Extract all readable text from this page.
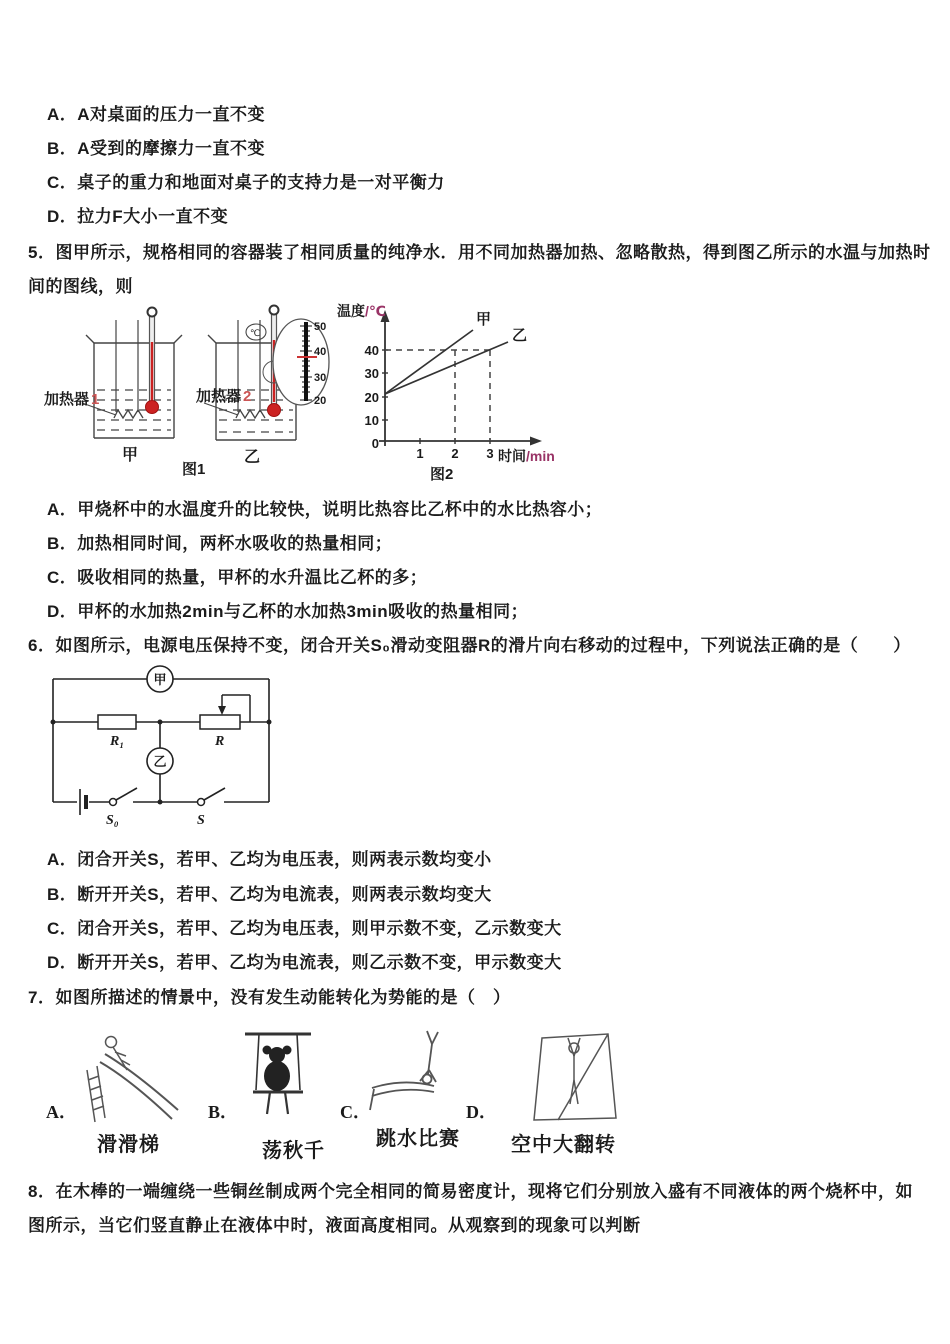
A．A对桌面的压力一直不变
B．A受到的摩擦力一直不变
C．桌子的重力和地面对桌子的支持力是一对平衡力
D．拉力F大小一直不变
5．图甲所示，规格相同的容器装了相同质量的纯净水．用不同加热器加热、忽略散热，得到图乙所示的水温与加热时
间的图线，则
加热器 1
甲
℃
乙
加热器 2
50
40
30
20
图1
40
30
20
10
0
1 2 3
甲
乙
温度/℃
时间/min
图2
A．甲烧杯中的水温度升的比较快，说明比热容比乙杯中的水比热容小；
B．加热相同时间，两杯水吸收的热量相同；
C．吸收相同的热量，甲杯的水升温比乙杯的多；
D．甲杯的水加热2min与乙杯的水加热3min吸收的热量相同；
6．如图所示，电源电压保持不变，闭合开关S₀滑动变阻器R的滑片向右移动的过程中，下列说法正确的是（　　）
甲
乙
R₁	R
S₀	S
A．闭合开关S，若甲、乙均为电压表，则两表示数均变小
B．断开开关S，若甲、乙均为电流表，则两表示数均变大
C．闭合开关S，若甲、乙均为电压表，则甲示数不变，乙示数变大
D．断开开关S，若甲、乙均为电流表，则乙示数不变，甲示数变大
7．如图所描述的情景中，没有发生动能转化为势能的是（　）
A．	B．	C．	D．
滑滑梯	荡秋千
跳水比赛	空中大翻转
8．在木棒的一端缠绕一些铜丝制成两个完全相同的简易密度计，现将它们分别放入盛有不同液体的两个烧杯中，如
图所示，当它们竖直静止在液体中时，液面高度相同。从观察到的现象可以判断
